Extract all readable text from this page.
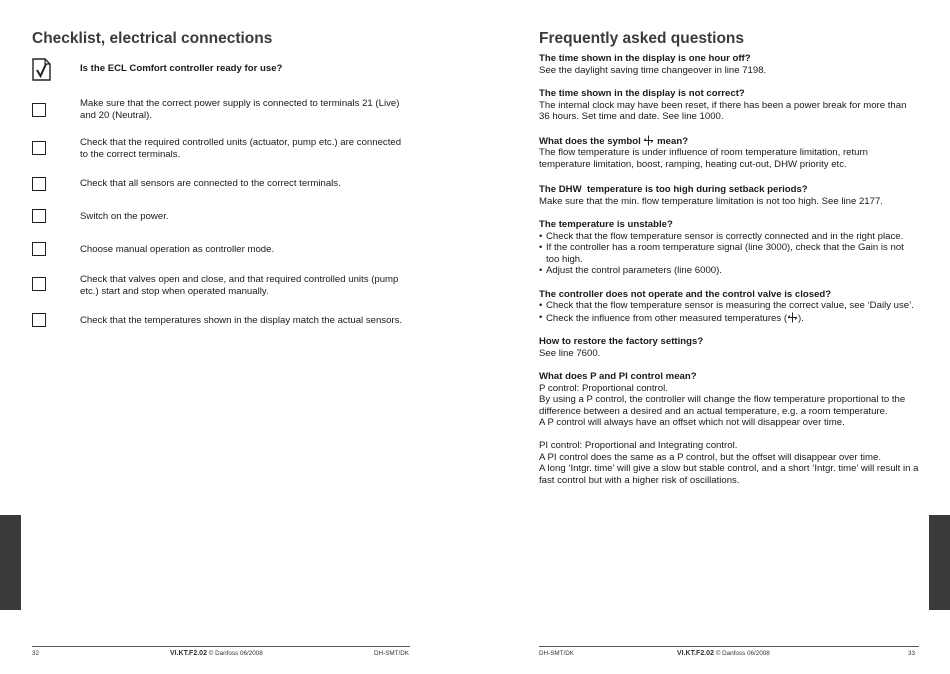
Checklist, electrical connections
Is the ECL Comfort controller ready for use?
Make sure that the correct power supply is connected to terminals 21 (Live) and 20 (Neutral).
Check that the required controlled units (actuator, pump etc.) are connected to the correct terminals.
Check that all sensors are connected to the correct terminals.
Switch on the power.
Choose manual operation as controller mode.
Check that valves open and close, and that required controlled units (pump etc.) start and stop when operated manually.
Check that the temperatures shown in the display match the actual sensors.
32	VI.KT.F2.02 © Danfoss 06/2008	DH-SMT/DK
Frequently asked questions

The time shown in the display is one hour off?

See the daylight saving time changeover in line 7198.

The time shown in the display is not correct?

The internal clock may have been reset, if there has been a power break for more than 36 hours. Set time and date. See line 1000.

What does the symbol mean?

The flow temperature is under influence of room temperature limitation, return temperature limitation, boost, ramping, heating cut-out, DHW priority etc.

The DHW  temperature is too high during setback periods?

Make sure that the min. flow temperature limitation is not too high. See line 2177.

The temperature is unstable?

• Check that the flow temperature sensor is correctly connected and in the right place.
• If the controller has a room temperature signal (line 3000), check that the Gain is not too high.
• Adjust the control parameters (line 6000).

The controller does not operate and the control valve is closed?

• Check that the flow temperature sensor is measuring the correct value, see ‘Daily use’.
• Check the influence from other measured temperatures ( ).

How to restore the factory settings?

See line 7600.

What does P and PI control mean?

P control: Proportional control.

By using a P control, the controller will change the flow temperature proportional to the difference between a desired and an actual temperature, e.g. a room temperature.

A P control will always have an offset which not will disappear over time.

PI control: Proportional and Integrating control.

A PI control does the same as a P control, but the offset will disappear over time.

A long ‘Intgr. time’ will give a slow but stable control, and a short ‘Intgr. time’ will result in a fast control but with a higher risk of oscillations.

DH-SMT/DK	VI.KT.F2.02 © Danfoss 06/2008	33
